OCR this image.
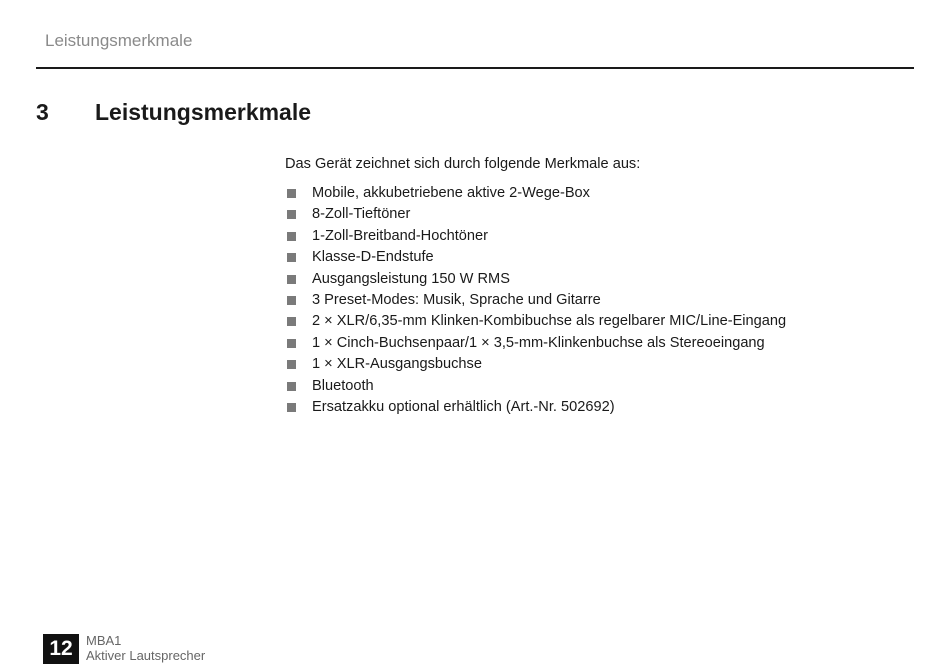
Leistungsmerkmale
3 Leistungsmerkmale

Das Gerät zeichnet sich durch folgende Merkmale aus:

Mobile, akkubetriebene aktive 2-Wege-Box
8-Zoll-Tieftöner
1-Zoll-Breitband-Hochtöner
Klasse-D-Endstufe
Ausgangsleistung 150 W RMS
3 Preset-Modes: Musik, Sprache und Gitarre
2 × XLR/6,35-mm Klinken-Kombibuchse als regelbarer MIC/Line-Eingang
1 × Cinch-Buchsenpaar/1 × 3,5-mm-Klinkenbuchse als Stereoeingang
1 × XLR-Ausgangsbuchse
Bluetooth
Ersatzakku optional erhältlich (Art.-Nr. 502692)
12	MBA1
Aktiver Lautsprecher
